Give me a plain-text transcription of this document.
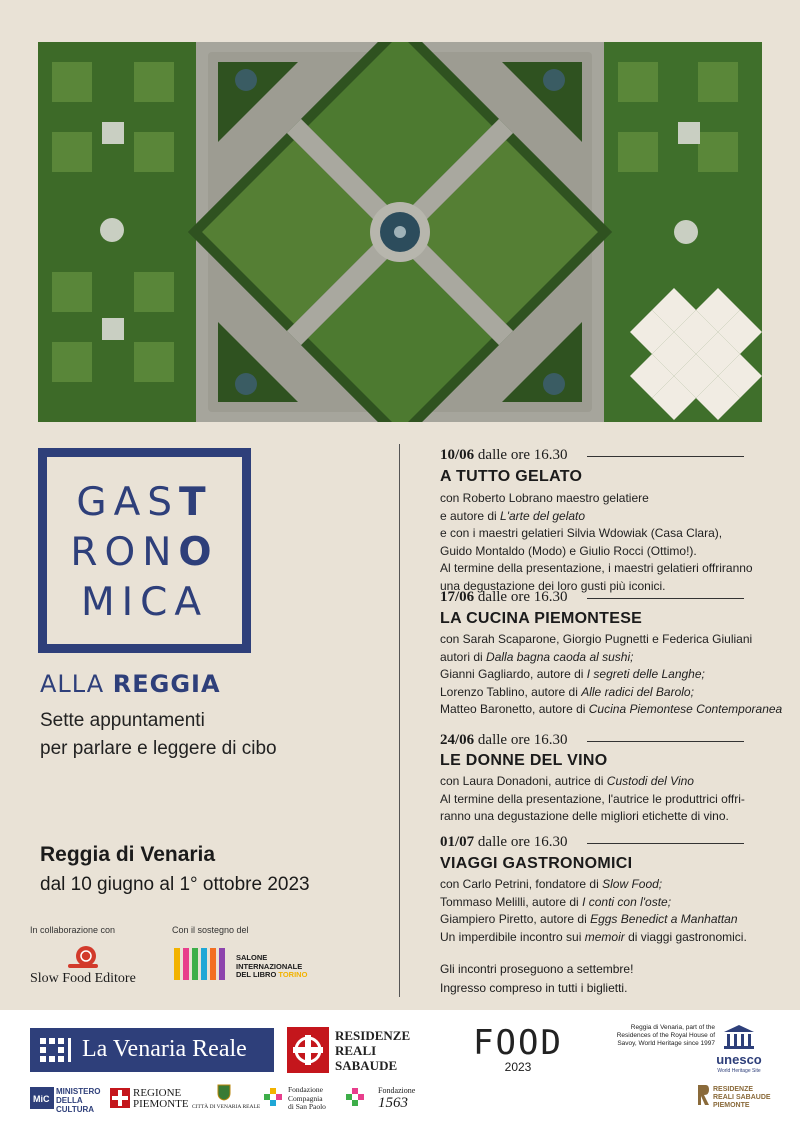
GAST
RONO
MICA
ALLA REGGIA
Sette appuntamenti
per parlare e leggere di cibo
Reggia di Venaria
dal 10 giugno al 1° ottobre 2023
In collaborazione con
Slow Food Editore
Con il sostegno del
SALONE
INTERNAZIONALE
DEL LIBRO TORINO
10/06 dalle ore 16.30
A TUTTO GELATO
con Roberto Lobrano maestro gelatiere
e autore di L'arte del gelato
e con i maestri gelatieri Silvia Wdowiak (Casa Clara),
Guido Montaldo (Modo) e Giulio Rocci (Ottimo!).
Al termine della presentazione, i maestri gelatieri offriranno
una degustazione dei loro gusti più iconici.
17/06 dalle ore 16.30
LA CUCINA PIEMONTESE
con Sarah Scaparone, Giorgio Pugnetti e Federica Giuliani
autori di Dalla bagna caoda al sushi;
Gianni Gagliardo, autore di I segreti delle Langhe;
Lorenzo Tablino, autore di Alle radici del Barolo;
Matteo Baronetto, autore di Cucina Piemontese Contemporanea
24/06 dalle ore 16.30
LE DONNE DEL VINO
con Laura Donadoni, autrice di Custodi del Vino
Al termine della presentazione, l'autrice le produttrici offri-
ranno una degustazione delle migliori etichette di vino.
01/07 dalle ore 16.30
VIAGGI GASTRONOMICI
con Carlo Petrini, fondatore di Slow Food;
Tommaso Melilli, autore di I conti con l'oste;
Giampiero Piretto, autore di Eggs Benedict a Manhattan
Un imperdibile incontro sui memoir di viaggi gastronomici.
Gli incontri proseguono a settembre!
Ingresso compreso in tutti i biglietti.
La Venaria Reale
RESIDENZE
REALI
SABAUDE
FOOD
2023
Reggia di Venaria, part of the Residences of the Royal House of Savoy, World Heritage since 1997
unesco
World Heritage Site
MiC
MINISTERO
DELLA
CULTURA
REGIONE
PIEMONTE CITTÀ DI VENARIA REALE
Fondazione
Compagnia
di San Paolo
Fondazione
1563
RESIDENZE
REALI SABAUDE
PIEMONTE
